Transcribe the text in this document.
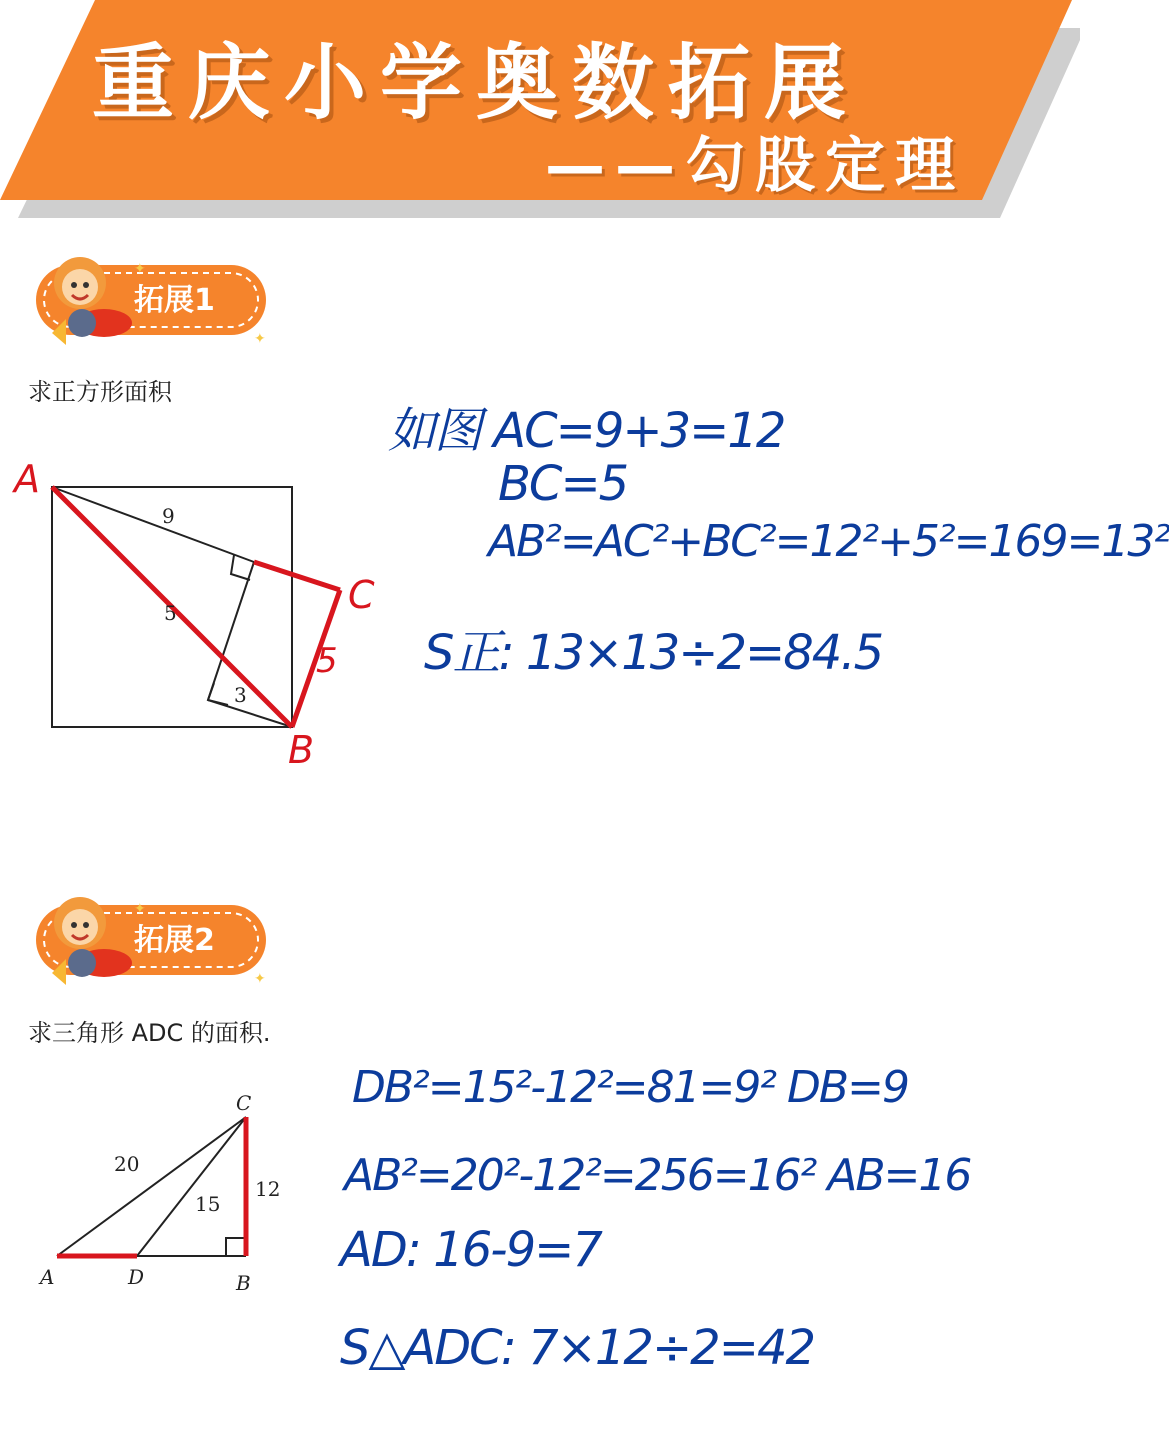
重庆小学奥数拓展
——勾股定理
✦
✦
拓展1
求正方形面积
9
5
3
A
B
C
5
如图 AC=9+3=12
BC=5
AB²=AC²+BC²=12²+5²=169=13²
S正: 13×13÷2=84.5
✦
✦
拓展2
求三角形 ADC 的面积.
C
A	D	B
20
15
12
DB²=15²-12²=81=9² DB=9
AB²=20²-12²=256=16² AB=16
AD: 16-9=7
S△ADC: 7×12÷2=42
